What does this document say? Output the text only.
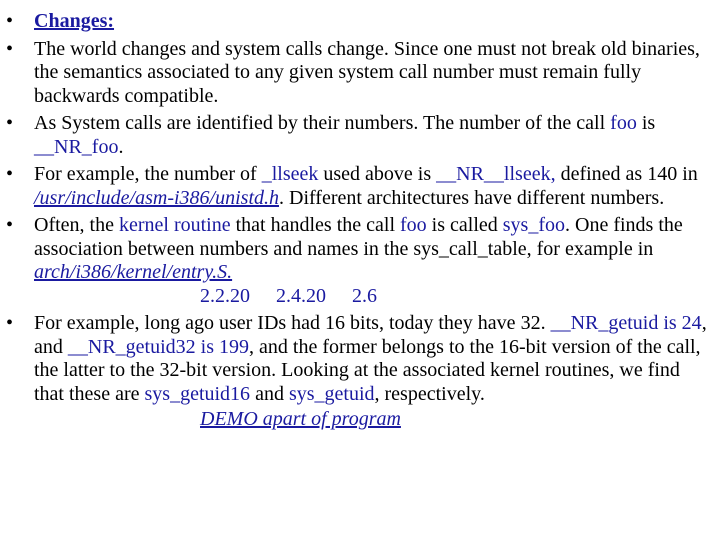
•	Changes:
•	The world changes and system calls change. Since one must not break old binaries, the semantics associated to any given system call number must remain fully backwards compatible.
•	As System calls are identified by their numbers. The number of the call foo is __NR_foo.
•	For example, the number of _llseek used above is __NR__llseek, defined as 140 in /usr/include/asm-i386/unistd.h. Different architectures have different numbers.
•	Often, the kernel routine that handles the call foo is called sys_foo. One finds the association between numbers and names in the sys_call_table, for example in arch/i386/kernel/entry.S.
2.2.20 2.4.20 2.6
•	For example, long ago user IDs had 16 bits, today they have 32. __NR_getuid is 24, and __NR_getuid32 is 199, and the former belongs to the 16-bit version of the call, the latter to the 32-bit version. Looking at the associated kernel routines, we find that these are sys_getuid16 and sys_getuid, respectively.
DEMO apart of program
